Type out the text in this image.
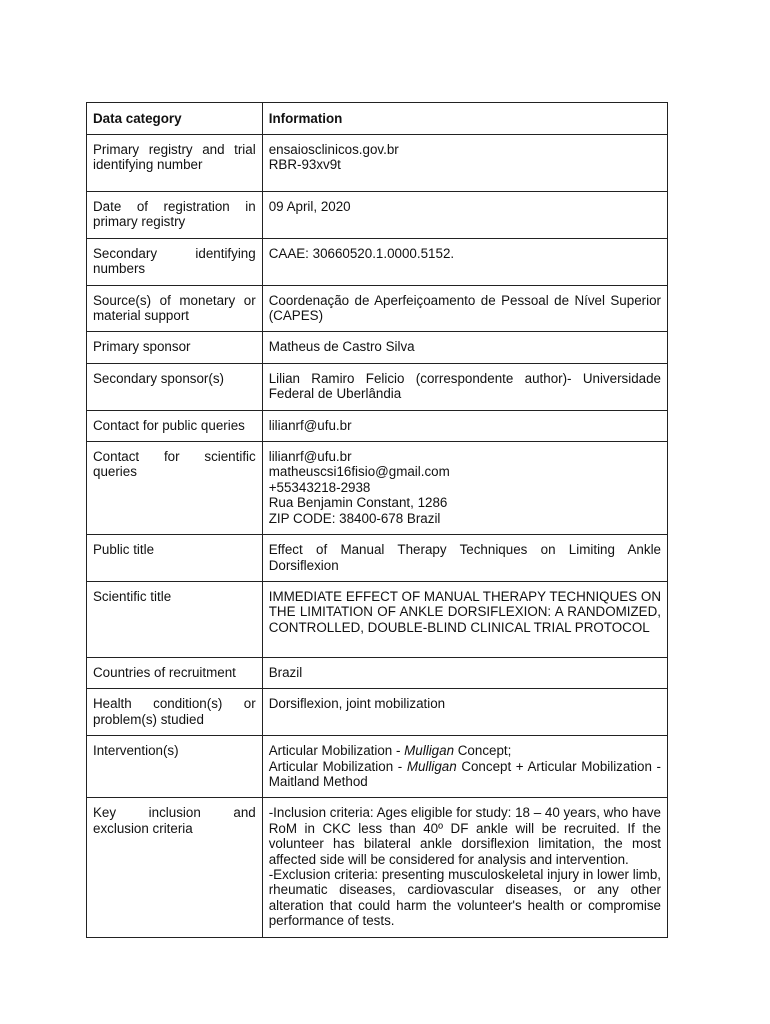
Data category	Information
Primary registry and trial identifying number	ensaiosclinicos.gov.br
RBR-93xv9t

Date of registration in primary registry	09 April, 2020
Secondary identifying numbers	CAAE: 30660520.1.0000.5152.
Source(s) of monetary or material support	Coordenação de Aperfeiçoamento de Pessoal de Nível Superior (CAPES)
Primary sponsor	Matheus de Castro Silva
Secondary sponsor(s)	Lilian Ramiro Felicio (correspondente author)- Universidade Federal de Uberlândia
Contact for public queries	lilianrf@ufu.br
Contact for scientific queries	lilianrf@ufu.br
matheuscsi16fisio@gmail.com
+55343218-2938
Rua Benjamin Constant, 1286
ZIP CODE: 38400-678 Brazil

Public title	Effect of Manual Therapy Techniques on Limiting Ankle Dorsiflexion
Scientific title	IMMEDIATE EFFECT OF MANUAL THERAPY TECHNIQUES ON THE LIMITATION OF ANKLE DORSIFLEXION: A RANDOMIZED, CONTROLLED, DOUBLE-BLIND CLINICAL TRIAL PROTOCOL
Countries of recruitment	Brazil
Health condition(s) or problem(s) studied	Dorsiflexion, joint mobilization
Intervention(s)	Articular Mobilization - Mulligan Concept;
Articular Mobilization - Mulligan Concept + Articular Mobilization - Maitland Method
Key inclusion and exclusion criteria	-Inclusion criteria: Ages eligible for study: 18 – 40 years, who have RoM in CKC less than 40º DF ankle will be recruited. If the volunteer has bilateral ankle dorsiflexion limitation, the most affected side will be considered for analysis and intervention.
-Exclusion criteria: presenting musculoskeletal injury in lower limb, rheumatic diseases, cardiovascular diseases, or any other alteration that could harm the volunteer's health or compromise performance of tests.
